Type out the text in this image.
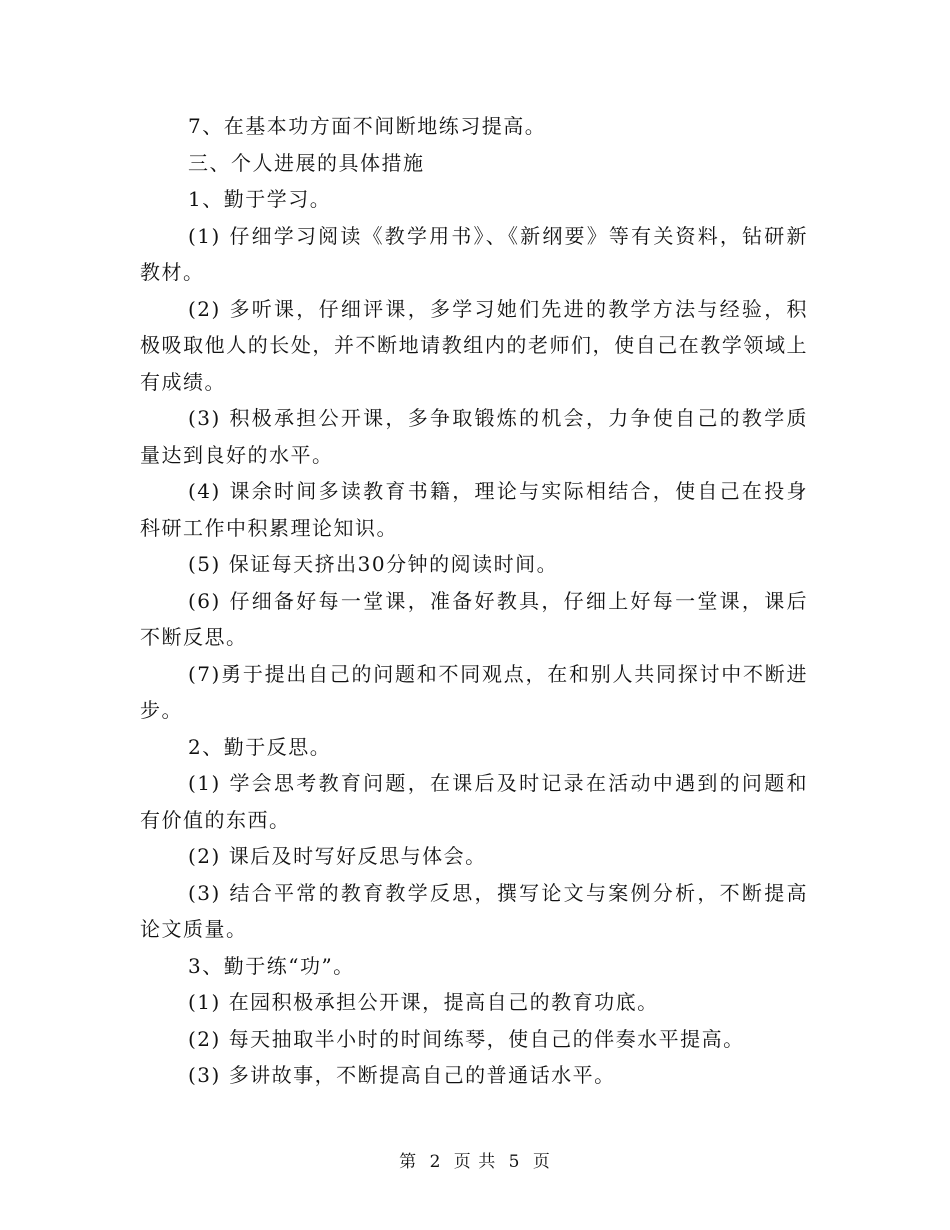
7、在基本功方面不间断地练习提高。

三、个人进展的具体措施

1、勤于学习。

(1) 仔细学习阅读《教学用书》、《新纲要》等有关资料，钻研新教材。

(2) 多听课，仔细评课，多学习她们先进的教学方法与经验，积极吸取他人的长处，并不断地请教组内的老师们，使自己在教学领域上有成绩。

(3) 积极承担公开课，多争取锻炼的机会，力争使自己的教学质量达到良好的水平。

(4) 课余时间多读教育书籍，理论与实际相结合，使自己在投身科研工作中积累理论知识。

(5) 保证每天挤出30分钟的阅读时间。

(6) 仔细备好每一堂课，准备好教具，仔细上好每一堂课，课后不断反思。

(7)勇于提出自己的问题和不同观点，在和别人共同探讨中不断进步。

2、勤于反思。

(1) 学会思考教育问题，在课后及时记录在活动中遇到的问题和有价值的东西。

(2) 课后及时写好反思与体会。

(3) 结合平常的教育教学反思，撰写论文与案例分析，不断提高论文质量。

3、勤于练“功”。

(1) 在园积极承担公开课，提高自己的教育功底。

(2) 每天抽取半小时的时间练琴，使自己的伴奏水平提高。

(3) 多讲故事，不断提高自己的普通话水平。

第 2 页 共 5 页
